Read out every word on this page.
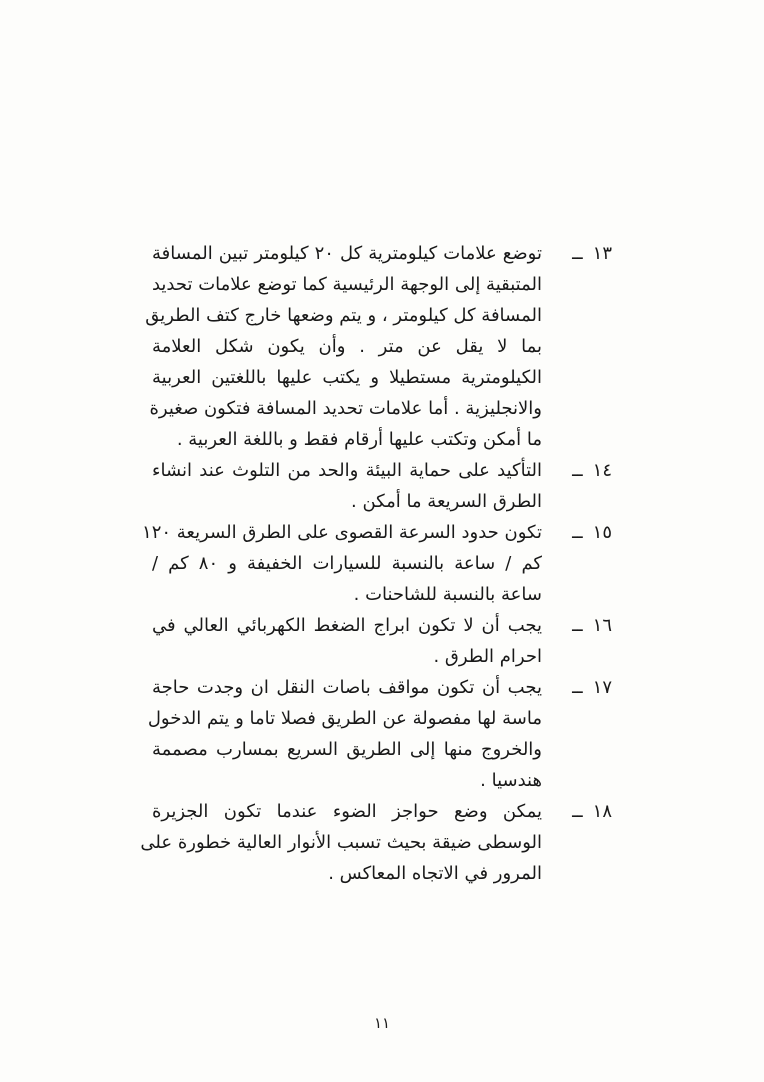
١٣
ــ
توضع علامات كيلومترية كل ٢٠ كيلومتر تبين المسافة
المتبقية إلى الوجهة الرئيسية كما توضع علامات تحديد
المسافة كل كيلومتر ، و يتم وضعها خارج كتف الطريق
بما لا يقل عن متر . وأن يكون شكل العلامة
الكيلومترية مستطيلا و يكتب عليها باللغتين العربية
والانجليزية . أما علامات تحديد المسافة فتكون صغيرة
ما أمكن وتكتب عليها أرقام فقط و باللغة العربية .
١٤
ــ
التأكيد على حماية البيئة والحد من التلوث عند انشاء
الطرق السريعة ما أمكن .
١٥
ــ
تكون حدود السرعة القصوى على الطرق السريعة ١٢٠
كم / ساعة بالنسبة للسيارات الخفيفة و ٨٠ كم /
ساعة بالنسبة للشاحنات .
١٦
ــ
يجب أن لا تكون ابراج الضغط الكهربائي العالي في
احرام الطرق .
١٧
ــ
يجب أن تكون مواقف باصات النقل ان وجدت حاجة
ماسة لها مفصولة عن الطريق فصلا تاما و يتم الدخول
والخروج منها إلى الطريق السريع بمسارب مصممة
هندسيا .
١٨
ــ
يمكن وضع حواجز الضوء عندما تكون الجزيرة
الوسطى ضيقة بحيث تسبب الأنوار العالية خطورة على
المرور في الاتجاه المعاكس .
١١
